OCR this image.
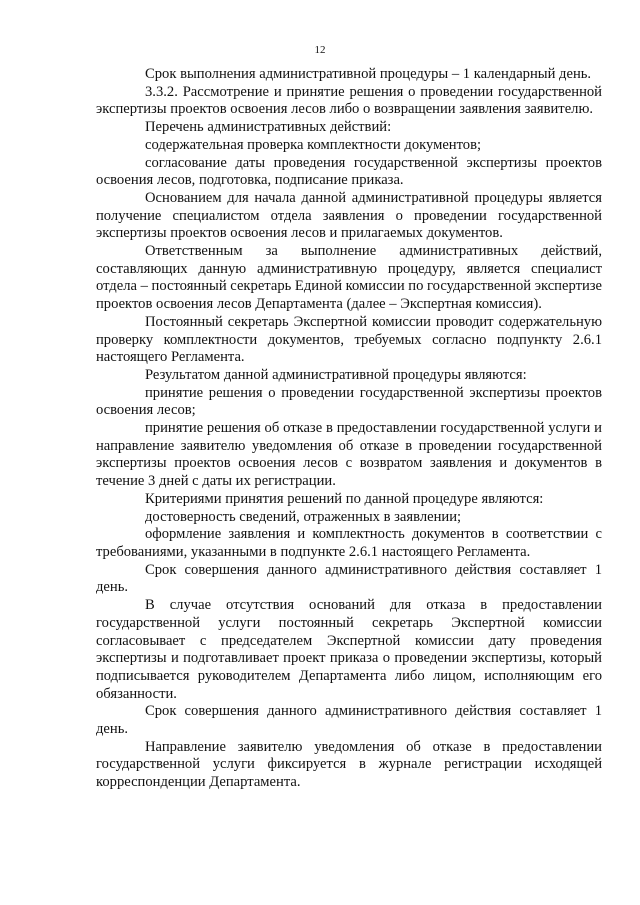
12

Срок выполнения административной процедуры – 1 календарный день.

3.3.2. Рассмотрение и принятие решения о проведении государственной экспертизы проектов освоения лесов либо о возвращении заявления заявителю.

Перечень административных действий:

содержательная проверка комплектности документов;

согласование даты проведения государственной экспертизы проектов освоения лесов, подготовка, подписание приказа.

Основанием для начала данной административной процедуры является получение специалистом отдела заявления о проведении государственной экспертизы проектов освоения лесов и прилагаемых документов.

Ответственным за выполнение административных действий, составляющих данную административную процедуру, является специалист отдела – постоянный секретарь Единой комиссии по государственной экспертизе проектов освоения лесов Департамента (далее – Экспертная комиссия).

Постоянный секретарь Экспертной комиссии проводит содержательную проверку комплектности документов, требуемых согласно подпункту 2.6.1 настоящего Регламента.

Результатом данной административной процедуры являются:

принятие решения о проведении государственной экспертизы проектов освоения лесов;

принятие решения об отказе в предоставлении государственной услуги и направление заявителю уведомления об отказе в проведении государственной экспертизы проектов освоения лесов с возвратом заявления и документов в течение 3 дней с даты их регистрации.

Критериями принятия решений по данной процедуре являются:

достоверность сведений, отраженных в заявлении;

оформление заявления и комплектность документов в соответствии с требованиями, указанными в подпункте 2.6.1 настоящего Регламента.

Срок совершения данного административного действия составляет 1 день.

В случае отсутствия оснований для отказа в предоставлении государственной услуги постоянный секретарь Экспертной комиссии согласовывает с председателем Экспертной комиссии дату проведения экспертизы и подготавливает проект приказа о проведении экспертизы, который подписывается руководителем Департамента либо лицом, исполняющим его обязанности.

Срок совершения данного административного действия составляет 1 день.

Направление заявителю уведомления об отказе в предоставлении государственной услуги фиксируется в журнале регистрации исходящей корреспонденции Департамента.
